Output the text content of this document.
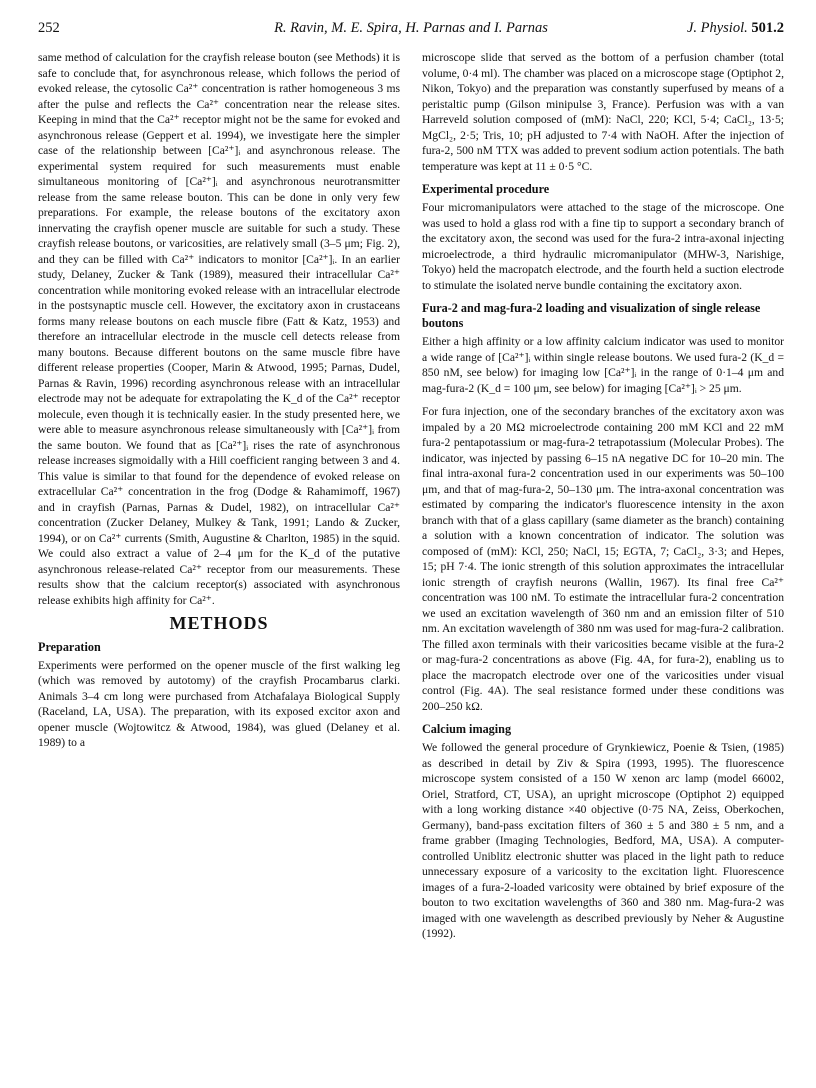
252	R. Ravin, M. E. Spira, H. Parnas and I. Parnas	J. Physiol. 501.2

same method of calculation for the crayfish release bouton (see Methods) it is safe to conclude that, for asynchronous release, which follows the period of evoked release, the cytosolic Ca²⁺ concentration is rather homogeneous 3 ms after the pulse and reflects the Ca²⁺ concentration near the release sites. Keeping in mind that the Ca²⁺ receptor might not be the same for evoked and asynchronous release (Geppert et al. 1994), we investigate here the simpler case of the relationship between [Ca²⁺]ᵢ and asynchronous release. The experimental system required for such measurements must enable simultaneous monitoring of [Ca²⁺]ᵢ and asynchronous neurotransmitter release from the same release bouton. This can be done in only very few preparations. For example, the release boutons of the excitatory axon innervating the crayfish opener muscle are suitable for such a study. These crayfish release boutons, or varicosities, are relatively small (3–5 μm; Fig. 2), and they can be filled with Ca²⁺ indicators to monitor [Ca²⁺]ᵢ. In an earlier study, Delaney, Zucker & Tank (1989), measured their intracellular Ca²⁺ concentration while monitoring evoked release with an intracellular electrode in the postsynaptic muscle cell. However, the excitatory axon in crustaceans forms many release boutons on each muscle fibre (Fatt & Katz, 1953) and therefore an intracellular electrode in the muscle cell detects release from many boutons. Because different boutons on the same muscle fibre have different release properties (Cooper, Marin & Atwood, 1995; Parnas, Dudel, Parnas & Ravin, 1996) recording asynchronous release with an intracellular electrode may not be adequate for extrapolating the K_d of the Ca²⁺ receptor molecule, even though it is technically easier. In the study presented here, we were able to measure asynchronous release simultaneously with [Ca²⁺]ᵢ from the same bouton. We found that as [Ca²⁺]ᵢ rises the rate of asynchronous release increases sigmoidally with a Hill coefficient ranging between 3 and 4. This value is similar to that found for the dependence of evoked release on extracellular Ca²⁺ concentration in the frog (Dodge & Rahamimoff, 1967) and in crayfish (Parnas, Parnas & Dudel, 1982), on intracellular Ca²⁺ concentration (Zucker Delaney, Mulkey & Tank, 1991; Lando & Zucker, 1994), or on Ca²⁺ currents (Smith, Augustine & Charlton, 1985) in the squid. We could also extract a value of 2–4 μm for the K_d of the putative asynchronous release-related Ca²⁺ receptor from our measurements. These results show that the calcium receptor(s) associated with asynchronous release exhibits high affinity for Ca²⁺.

METHODS
Preparation

Experiments were performed on the opener muscle of the first walking leg (which was removed by autotomy) of the crayfish Procambarus clarki. Animals 3–4 cm long were purchased from Atchafalaya Biological Supply (Raceland, LA, USA). The preparation, with its exposed excitor axon and opener muscle (Wojtowitcz & Atwood, 1984), was glued (Delaney et al. 1989) to a

microscope slide that served as the bottom of a perfusion chamber (total volume, 0·4 ml). The chamber was placed on a microscope stage (Optiphot 2, Nikon, Tokyo) and the preparation was constantly superfused by means of a peristaltic pump (Gilson minipulse 3, France). Perfusion was with a van Harreveld solution composed of (mM): NaCl, 220; KCl, 5·4; CaCl₂, 13·5; MgCl₂, 2·5; Tris, 10; pH adjusted to 7·4 with NaOH. After the injection of fura-2, 500 nM TTX was added to prevent sodium action potentials. The bath temperature was kept at 11 ± 0·5 °C.

Experimental procedure

Four micromanipulators were attached to the stage of the microscope. One was used to hold a glass rod with a fine tip to support a secondary branch of the excitatory axon, the second was used for the fura-2 intra-axonal injecting microelectrode, a third hydraulic micromanipulator (MHW-3, Narishige, Tokyo) held the macropatch electrode, and the fourth held a suction electrode to stimulate the isolated nerve bundle containing the excitatory axon.

Fura-2 and mag-fura-2 loading and visualization of single release boutons

Either a high affinity or a low affinity calcium indicator was used to monitor a wide range of [Ca²⁺]ᵢ within single release boutons. We used fura-2 (K_d = 850 nM, see below) for imaging low [Ca²⁺]ᵢ in the range of 0·1–4 μm and mag-fura-2 (K_d = 100 μm, see below) for imaging [Ca²⁺]ᵢ > 25 μm.

For fura injection, one of the secondary branches of the excitatory axon was impaled by a 20 MΩ microelectrode containing 200 mM KCl and 22 mM fura-2 pentapotassium or mag-fura-2 tetrapotassium (Molecular Probes). The indicator, was injected by passing 6–15 nA negative DC for 10–20 min. The final intra-axonal fura-2 concentration used in our experiments was 50–100 μm, and that of mag-fura-2, 50–130 μm. The intra-axonal concentration was estimated by comparing the indicator's fluorescence intensity in the axon branch with that of a glass capillary (same diameter as the branch) containing a solution with a known concentration of indicator. The solution was composed of (mM): KCl, 250; NaCl, 15; EGTA, 7; CaCl₂, 3·3; and Hepes, 15; pH 7·4. The ionic strength of this solution approximates the intracellular ionic strength of crayfish neurons (Wallin, 1967). Its final free Ca²⁺ concentration was 100 nM. To estimate the intracellular fura-2 concentration we used an excitation wavelength of 360 nm and an emission filter of 510 nm. An excitation wavelength of 380 nm was used for mag-fura-2 calibration. The filled axon terminals with their varicosities became visible at the fura-2 or mag-fura-2 concentrations as above (Fig. 4A, for fura-2), enabling us to place the macropatch electrode over one of the varicosities under visual control (Fig. 4A). The seal resistance formed under these conditions was 200–250 kΩ.

Calcium imaging

We followed the general procedure of Grynkiewicz, Poenie & Tsien, (1985) as described in detail by Ziv & Spira (1993, 1995). The fluorescence microscope system consisted of a 150 W xenon arc lamp (model 66002, Oriel, Stratford, CT, USA), an upright microscope (Optiphot 2) equipped with a long working distance ×40 objective (0·75 NA, Zeiss, Oberkochen, Germany), band-pass excitation filters of 360 ± 5 and 380 ± 5 nm, and a frame grabber (Imaging Technologies, Bedford, MA, USA). A computer-controlled Uniblitz electronic shutter was placed in the light path to reduce unnecessary exposure of a varicosity to the excitation light. Fluorescence images of a fura-2-loaded varicosity were obtained by brief exposure of the bouton to two excitation wavelengths of 360 and 380 nm. Mag-fura-2 was imaged with one wavelength as described previously by Neher & Augustine (1992).
